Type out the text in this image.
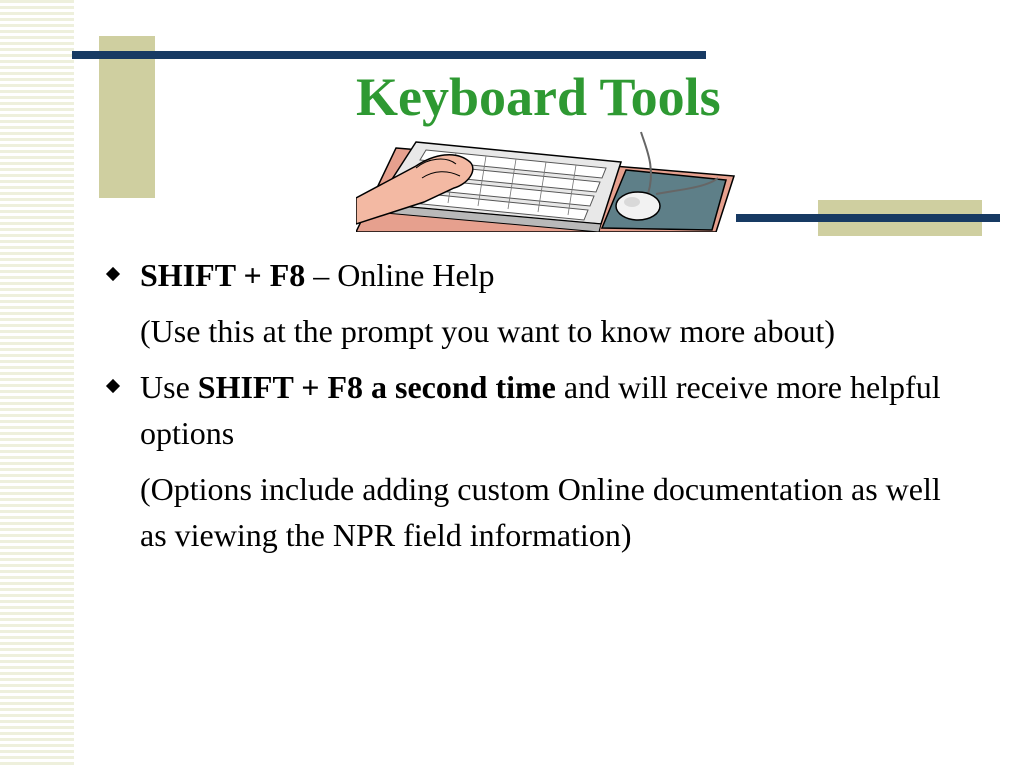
Keyboard Tools
SHIFT + F8 – Online Help
(Use this at the prompt you want to know more about)
Use SHIFT + F8 a second time and will receive more helpful options
(Options include adding custom Online documentation as well as viewing the NPR field information)
